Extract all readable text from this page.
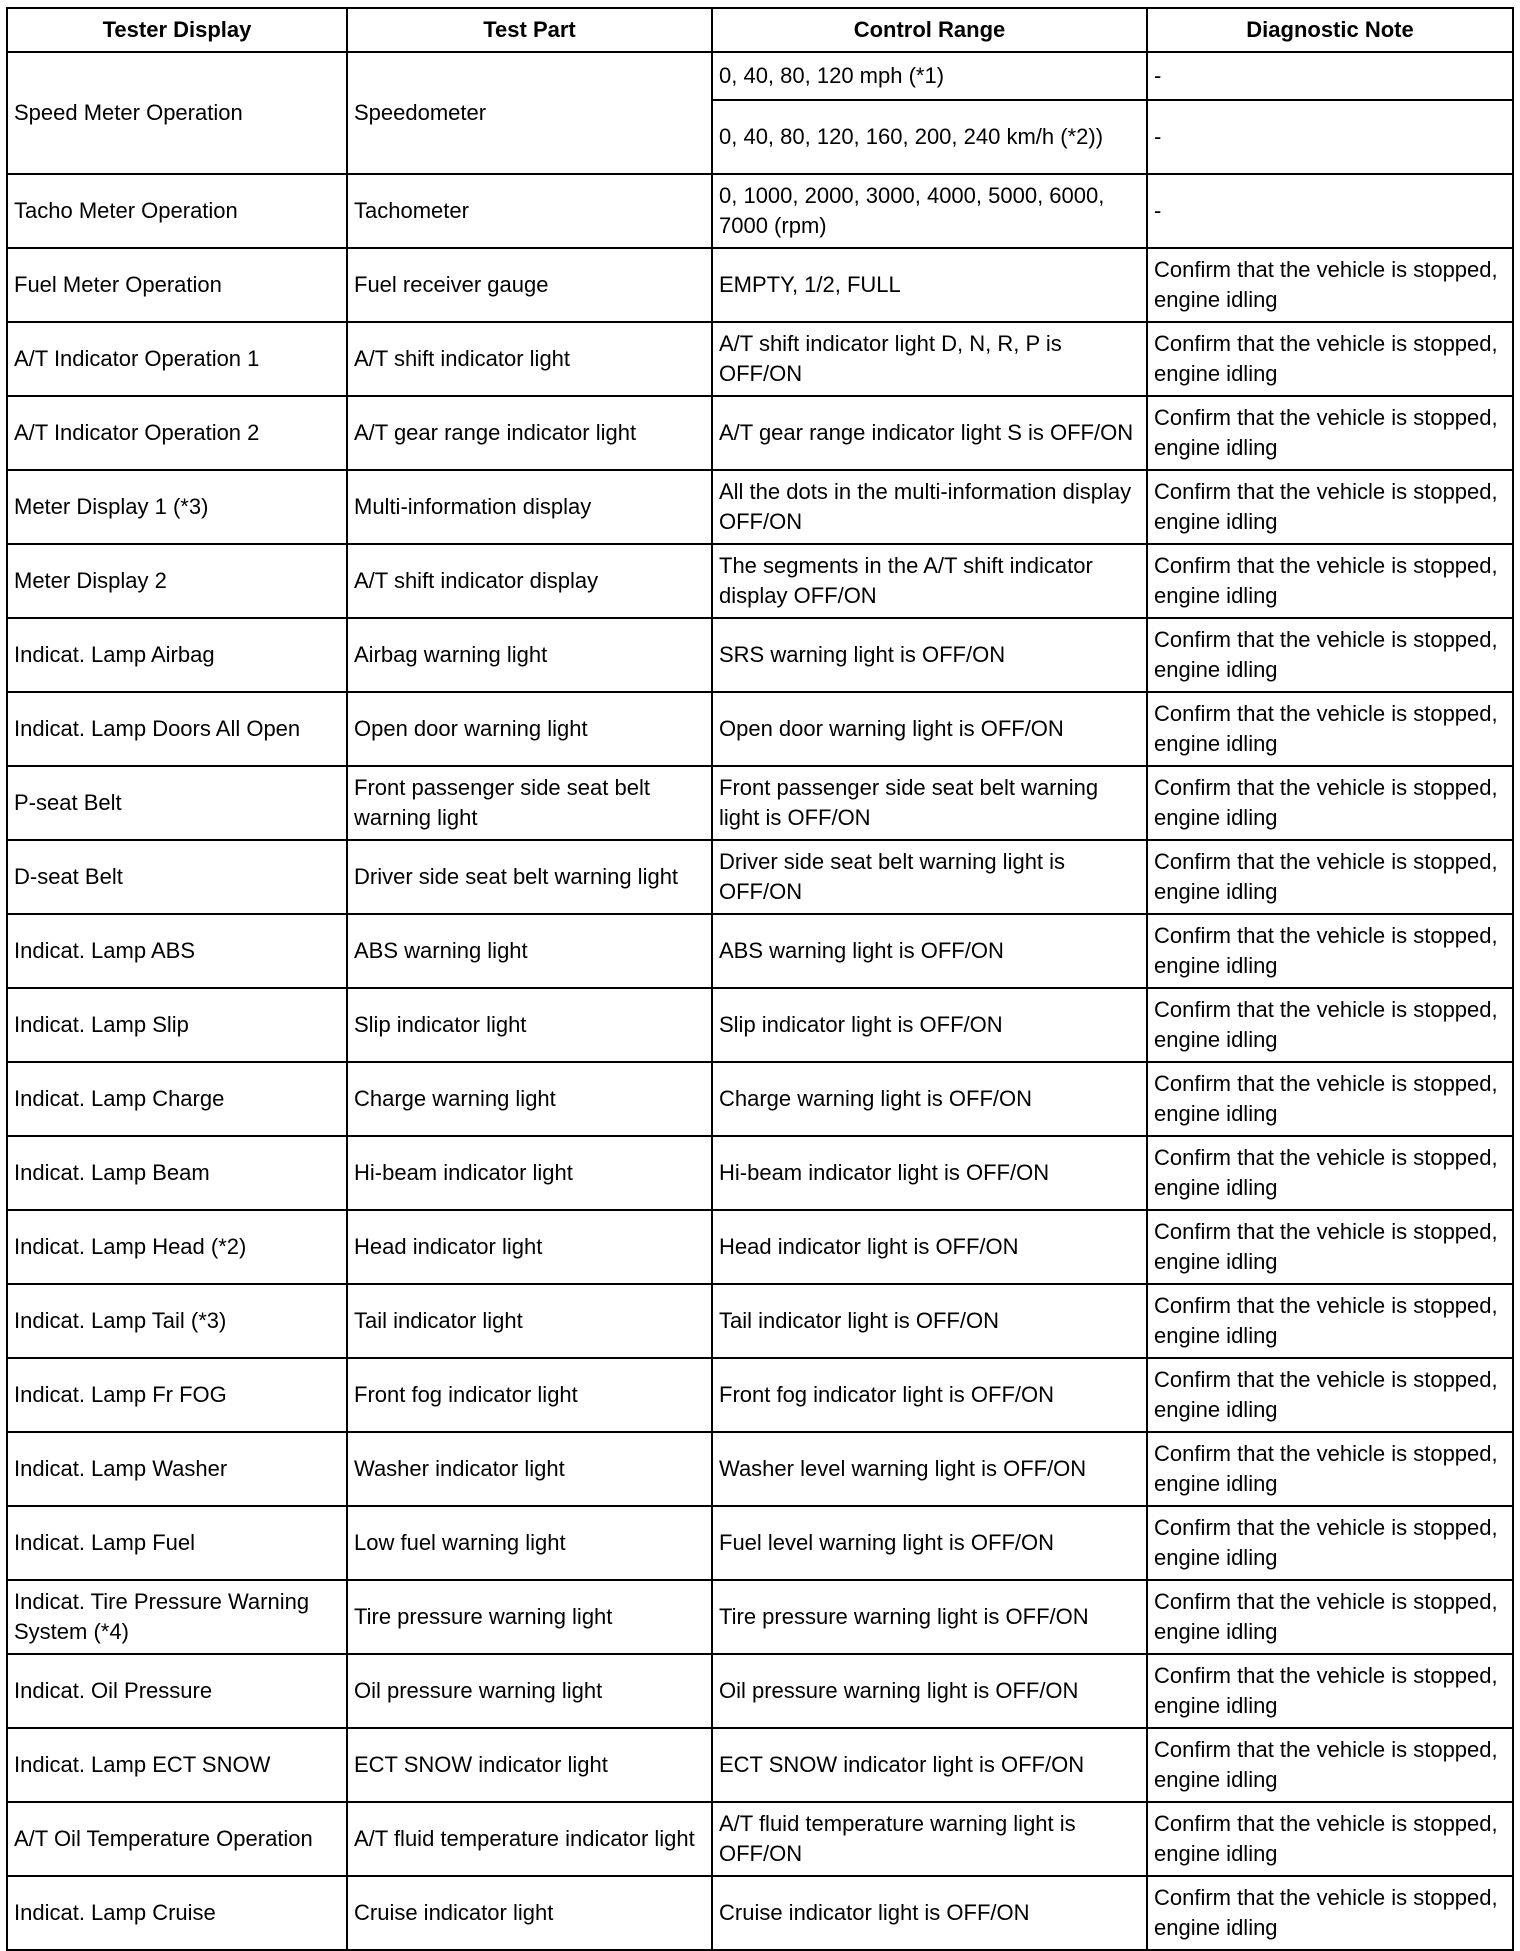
Tester Display	Test Part	Control Range	Diagnostic Note
Speed Meter Operation	Speedometer	0, 40, 80, 120 mph (*1)	-
		0, 40, 80, 120, 160, 200, 240 km/h (*2))	-
Tacho Meter Operation	Tachometer	0, 1000, 2000, 3000, 4000, 5000, 6000, 7000 (rpm)	-
Fuel Meter Operation	Fuel receiver gauge	EMPTY, 1/2, FULL	Confirm that the vehicle is stopped, engine idling
A/T Indicator Operation 1	A/T shift indicator light	A/T shift indicator light D, N, R, P is OFF/ON	Confirm that the vehicle is stopped, engine idling
A/T Indicator Operation 2	A/T gear range indicator light	A/T gear range indicator light S is OFF/ON	Confirm that the vehicle is stopped, engine idling
Meter Display 1 (*3)	Multi-information display	All the dots in the multi-information display OFF/ON	Confirm that the vehicle is stopped, engine idling
Meter Display 2	A/T shift indicator display	The segments in the A/T shift indicator display OFF/ON	Confirm that the vehicle is stopped, engine idling
Indicat. Lamp Airbag	Airbag warning light	SRS warning light is OFF/ON	Confirm that the vehicle is stopped, engine idling
Indicat. Lamp Doors All Open	Open door warning light	Open door warning light is OFF/ON	Confirm that the vehicle is stopped, engine idling
P-seat Belt	Front passenger side seat belt warning light	Front passenger side seat belt warning light is OFF/ON	Confirm that the vehicle is stopped, engine idling
D-seat Belt	Driver side seat belt warning light	Driver side seat belt warning light is OFF/ON	Confirm that the vehicle is stopped, engine idling
Indicat. Lamp ABS	ABS warning light	ABS warning light is OFF/ON	Confirm that the vehicle is stopped, engine idling
Indicat. Lamp Slip	Slip indicator light	Slip indicator light is OFF/ON	Confirm that the vehicle is stopped, engine idling
Indicat. Lamp Charge	Charge warning light	Charge warning light is OFF/ON	Confirm that the vehicle is stopped, engine idling
Indicat. Lamp Beam	Hi-beam indicator light	Hi-beam indicator light is OFF/ON	Confirm that the vehicle is stopped, engine idling
Indicat. Lamp Head (*2)	Head indicator light	Head indicator light is OFF/ON	Confirm that the vehicle is stopped, engine idling
Indicat. Lamp Tail (*3)	Tail indicator light	Tail indicator light is OFF/ON	Confirm that the vehicle is stopped, engine idling
Indicat. Lamp Fr FOG	Front fog indicator light	Front fog indicator light is OFF/ON	Confirm that the vehicle is stopped, engine idling
Indicat. Lamp Washer	Washer indicator light	Washer level warning light is OFF/ON	Confirm that the vehicle is stopped, engine idling
Indicat. Lamp Fuel	Low fuel warning light	Fuel level warning light is OFF/ON	Confirm that the vehicle is stopped, engine idling
Indicat. Tire Pressure Warning System (*4)	Tire pressure warning light	Tire pressure warning light is OFF/ON	Confirm that the vehicle is stopped, engine idling
Indicat. Oil Pressure	Oil pressure warning light	Oil pressure warning light is OFF/ON	Confirm that the vehicle is stopped, engine idling
Indicat. Lamp ECT SNOW	ECT SNOW indicator light	ECT SNOW indicator light is OFF/ON	Confirm that the vehicle is stopped, engine idling
A/T Oil Temperature Operation	A/T fluid temperature indicator light	A/T fluid temperature warning light is OFF/ON	Confirm that the vehicle is stopped, engine idling
Indicat. Lamp Cruise	Cruise indicator light	Cruise indicator light is OFF/ON	Confirm that the vehicle is stopped, engine idling
